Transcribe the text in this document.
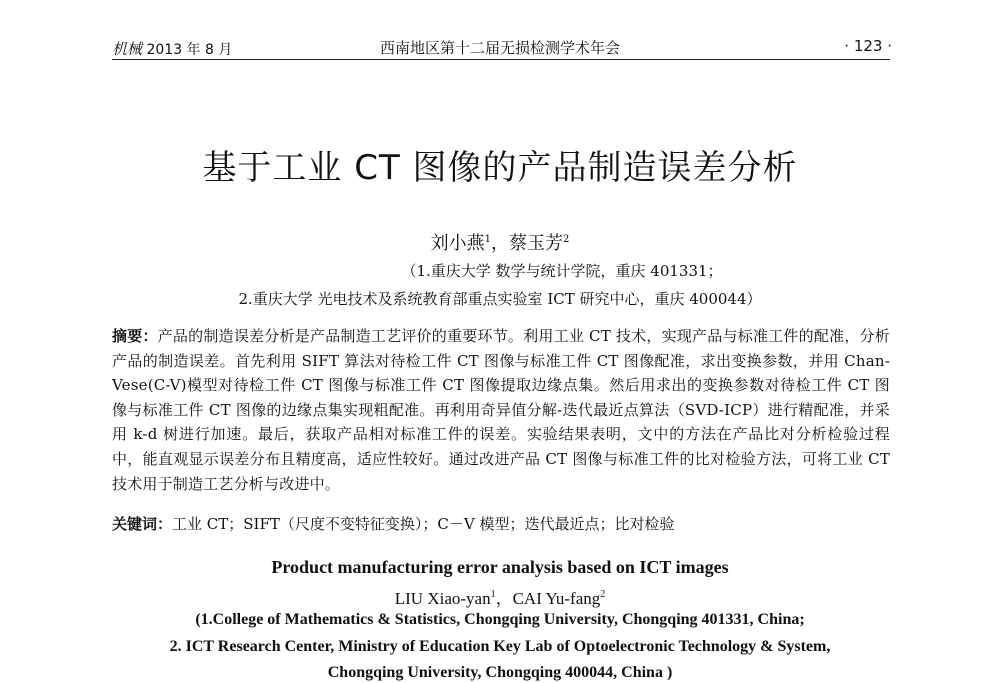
机械 2013 年 8 月	西南地区第十二届无损检测学术年会	· 123 ·
基于工业 CT 图像的产品制造误差分析
刘小燕$^1$，蔡玉芳$^2$
（1.重庆大学 数学与统计学院，重庆 401331；
2.重庆大学 光电技术及系统教育部重点实验室 ICT 研究中心，重庆 400044）
摘要：产品的制造误差分析是产品制造工艺评价的重要环节。利用工业 CT 技术，实现产品与标准工件的配准，分析产品的制造误差。首先利用 SIFT 算法对待检工件 CT 图像与标准工件 CT 图像配准，求出变换参数，并用 Chan-Vese(C-V)模型对待检工件 CT 图像与标准工件 CT 图像提取边缘点集。然后用求出的变换参数对待检工件 CT 图像与标准工件 CT 图像的边缘点集实现粗配准。再利用奇异值分解-迭代最近点算法（SVD-ICP）进行精配准，并采用 k-d 树进行加速。最后，获取产品相对标准工件的误差。实验结果表明，文中的方法在产品比对分析检验过程中，能直观显示误差分布且精度高，适应性较好。通过改进产品 CT 图像与标准工件的比对检验方法，可将工业 CT 技术用于制造工艺分析与改进中。
关键词：工业 CT；SIFT（尺度不变特征变换）；C－V 模型；迭代最近点；比对检验
Product manufacturing error analysis based on ICT images
LIU Xiao-yan$^1$，CAI Yu-fang$^2$
(1.College of Mathematics & Statistics, Chongqing University, Chongqing 401331, China;
2. ICT Research Center, Ministry of Education Key Lab of Optoelectronic Technology & System,
Chongqing University, Chongqing 400044, China )
